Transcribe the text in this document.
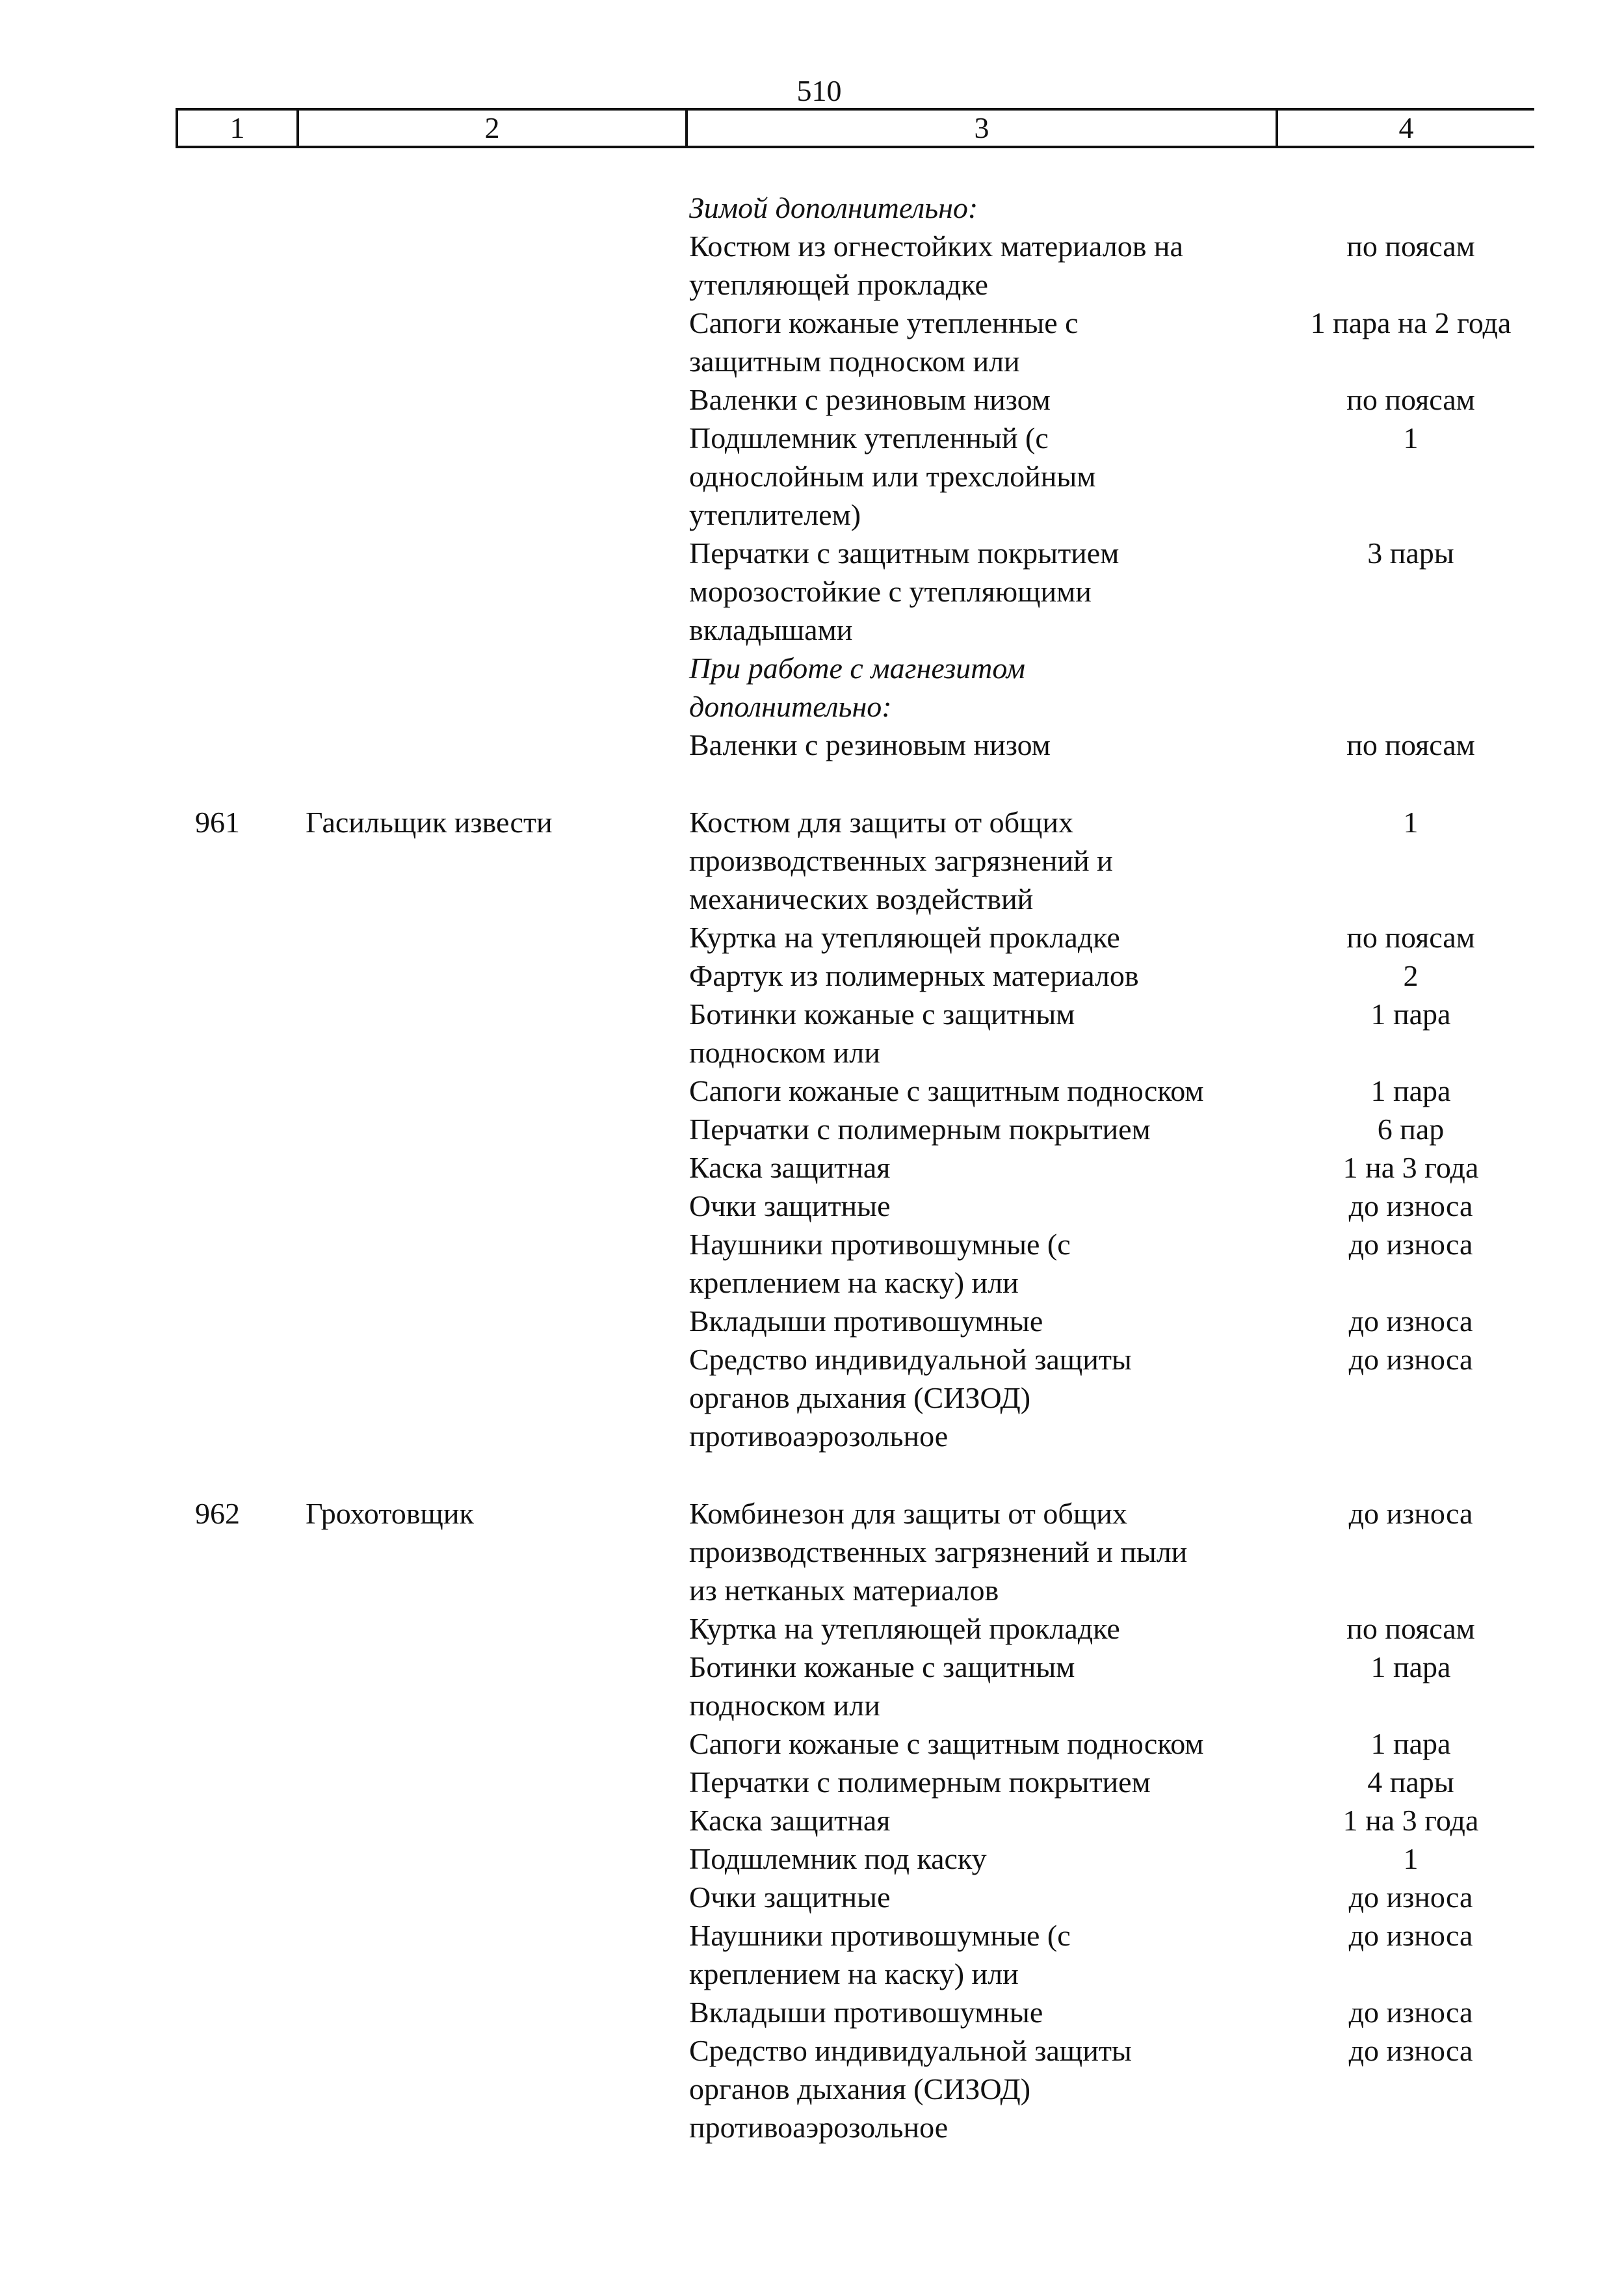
510
1	2	3	4
Зимой дополнительно:
Костюм из огнестойких материалов на	по поясам
утепляющей прокладке
Сапоги кожаные утепленные с	1 пара на 2 года
защитным подноском или
Валенки с резиновым низом	по поясам
Подшлемник утепленный (с	1
однослойным или трехслойным
утеплителем)
Перчатки с защитным покрытием	3 пары
морозостойкие с утепляющими
вкладышами
При работе с магнезитом
дополнительно:
Валенки с резиновым низом	по поясам
961	Гасильщик извести	Костюм для защиты от общих	1
производственных загрязнений и
механических воздействий
Куртка на утепляющей прокладке	по поясам
Фартук из полимерных материалов	2
Ботинки кожаные с защитным	1 пара
подноском или
Сапоги кожаные с защитным подноском	1 пара
Перчатки с полимерным покрытием	6 пар
Каска защитная	1 на 3 года
Очки защитные	до износа
Наушники противошумные (с	до износа
креплением на каску) или
Вкладыши противошумные	до износа
Средство индивидуальной защиты	до износа
органов дыхания (СИЗОД)
противоаэрозольное
962	Грохотовщик	Комбинезон для защиты от общих	до износа
производственных загрязнений и пыли
из нетканых материалов
Куртка на утепляющей прокладке	по поясам
Ботинки кожаные с защитным	1 пара
подноском или
Сапоги кожаные с защитным подноском	1 пара
Перчатки с полимерным покрытием	4 пары
Каска защитная	1 на 3 года
Подшлемник под каску	1
Очки защитные	до износа
Наушники противошумные (с	до износа
креплением на каску) или
Вкладыши противошумные	до износа
Средство индивидуальной защиты	до износа
органов дыхания (СИЗОД)
противоаэрозольное
